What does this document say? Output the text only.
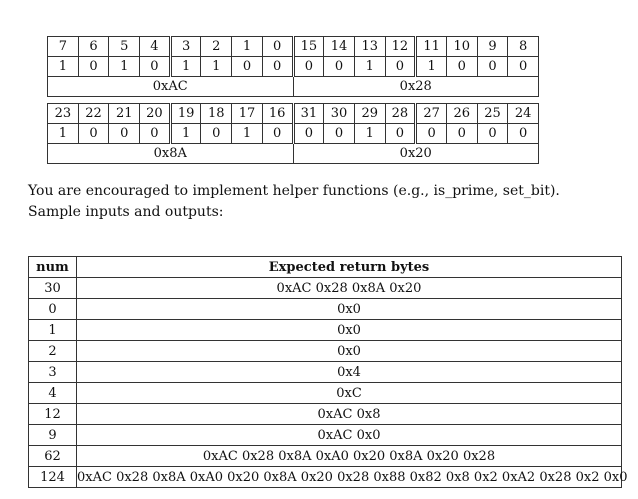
7	6	5	4	3	2	1	0	15	14	13	12	11	10	9	8
1	0	1	0	1	1	0	0	0	0	1	0	1	0	0	0
0xAC								0x28							
23	22	21	20	19	18	17	16	31	30	29	28	27	26	25	24
1	0	0	0	1	0	1	0	0	0	1	0	0	0	0	0
0x8A								0x20							
You are encouraged to implement helper functions (e.g., is_prime, set_bit).
Sample inputs and outputs:
num	Expected return bytes
30	0xAC 0x28 0x8A 0x20
0	0x0
1	0x0
2	0x0
3	0x4
4	0xC
12	0xAC 0x8
9	0xAC 0x0
62	0xAC 0x28 0x8A 0xA0 0x20 0x8A 0x20 0x28
124	0xAC 0x28 0x8A 0xA0 0x20 0x8A 0x20 0x28 0x88 0x82 0x8 0x2 0xA2 0x28 0x2 0x0
